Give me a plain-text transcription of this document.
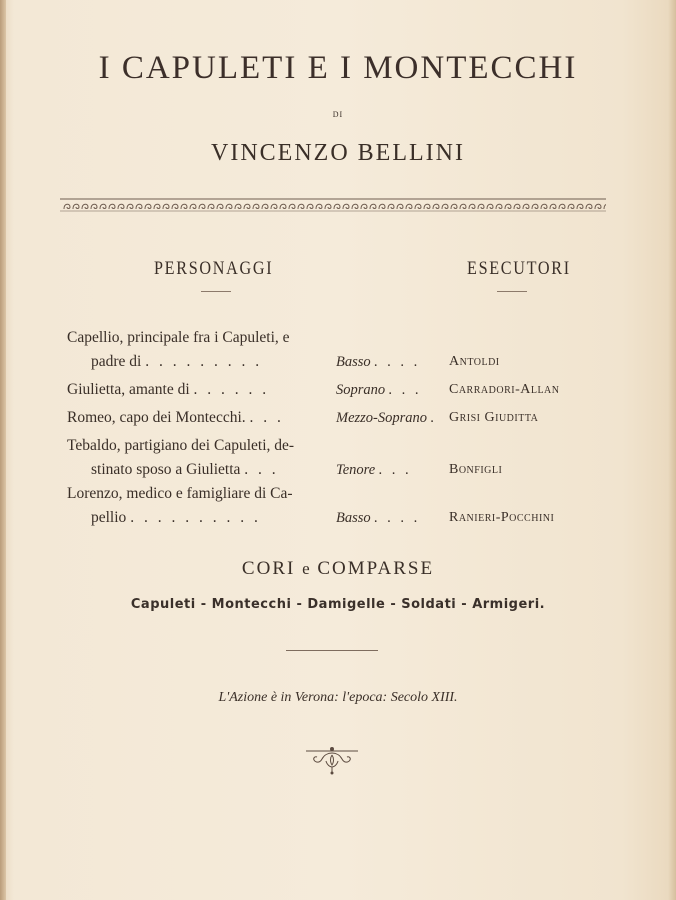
I CAPULETI E I MONTECCHI
DI
VINCENZO BELLINI
PERSONAGGI	ESECUTORI
Capellio, principale fra i Capuleti, e
padre di . . . . . . . . .	Basso . . . . Antoldi
Giulietta, amante di . . . . . .	Soprano . . . Carradori-Allan
Romeo, capo dei Montecchi. . . .	Mezzo-Soprano . Grisi Giuditta
Tebaldo, partigiano dei Capuleti, de-
stinato sposo a Giulietta . . .	Tenore . . .	Bonfigli
Lorenzo, medico e famigliare di Ca-
pellio . . . . . . . . . .	Basso . . . . Ranieri-Pocchini
CORI e COMPARSE
Capuleti - Montecchi - Damigelle - Soldati - Armigeri.
L'Azione è in Verona: l'epoca: Secolo XIII.
